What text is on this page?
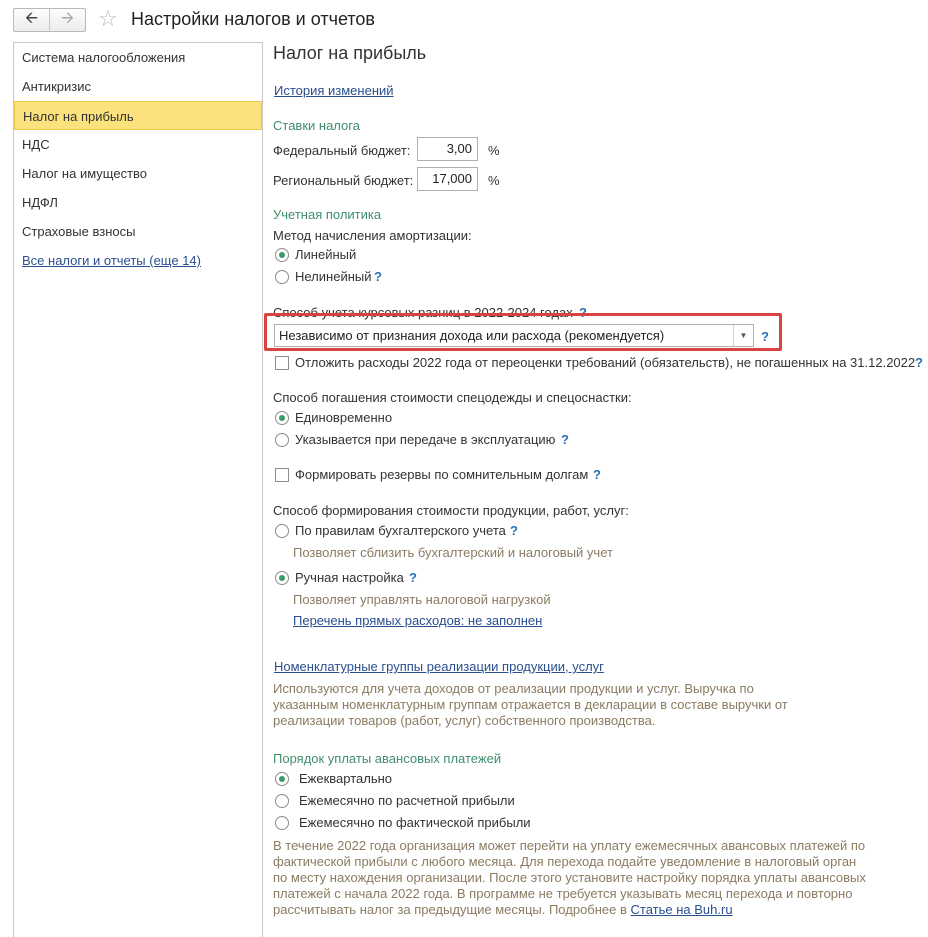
🡨 🡪 ☆ Настройки налогов и отчетов
Система налогообложения
Антикризис
Налог на прибыль
НДС
Налог на имущество
НДФЛ
Страховые взносы
Все налоги и отчеты (еще 14)
Налог на прибыль
История изменений
Ставки налога
Федеральный бюджет:	3,00	%
Региональный бюджет:	17,000	%
Учетная политика
Метод начисления амортизации:
Линейный
Нелинейный ?
Способ учета курсовых разниц в 2022-2024 годах ?
Независимо от признания дохода или расхода (рекомендуется)	▼	?
Отложить расходы 2022 года от переоценки требований (обязательств), не погашенных на 31.12.2022 ?
Способ погашения стоимости спецодежды и спецоснастки:
Единовременно
Указывается при передаче в эксплуатацию ?
Формировать резервы по сомнительным долгам ?
Способ формирования стоимости продукции, работ, услуг:
По правилам бухгалтерского учета ?
Позволяет сблизить бухгалтерский и налоговый учет
Ручная настройка ?
Позволяет управлять налоговой нагрузкой
Перечень прямых расходов: не заполнен
Номенклатурные группы реализации продукции, услуг
Используются для учета доходов от реализации продукции и услуг. Выручка по указанным номенклатурным группам отражается в декларации в составе выручки от реализации товаров (работ, услуг) собственного производства.
Порядок уплаты авансовых платежей
Ежеквартально
Ежемесячно по расчетной прибыли
Ежемесячно по фактической прибыли
В течение 2022 года организация может перейти на уплату ежемесячных авансовых платежей по фактической прибыли с любого месяца. Для перехода подайте уведомление в налоговый орган по месту нахождения организации. После этого установите настройку порядка уплаты авансовых платежей с начала 2022 года. В программе не требуется указывать месяц перехода и повторно рассчитывать налог за предыдущие месяцы. Подробнее в Статье на Buh.ru
